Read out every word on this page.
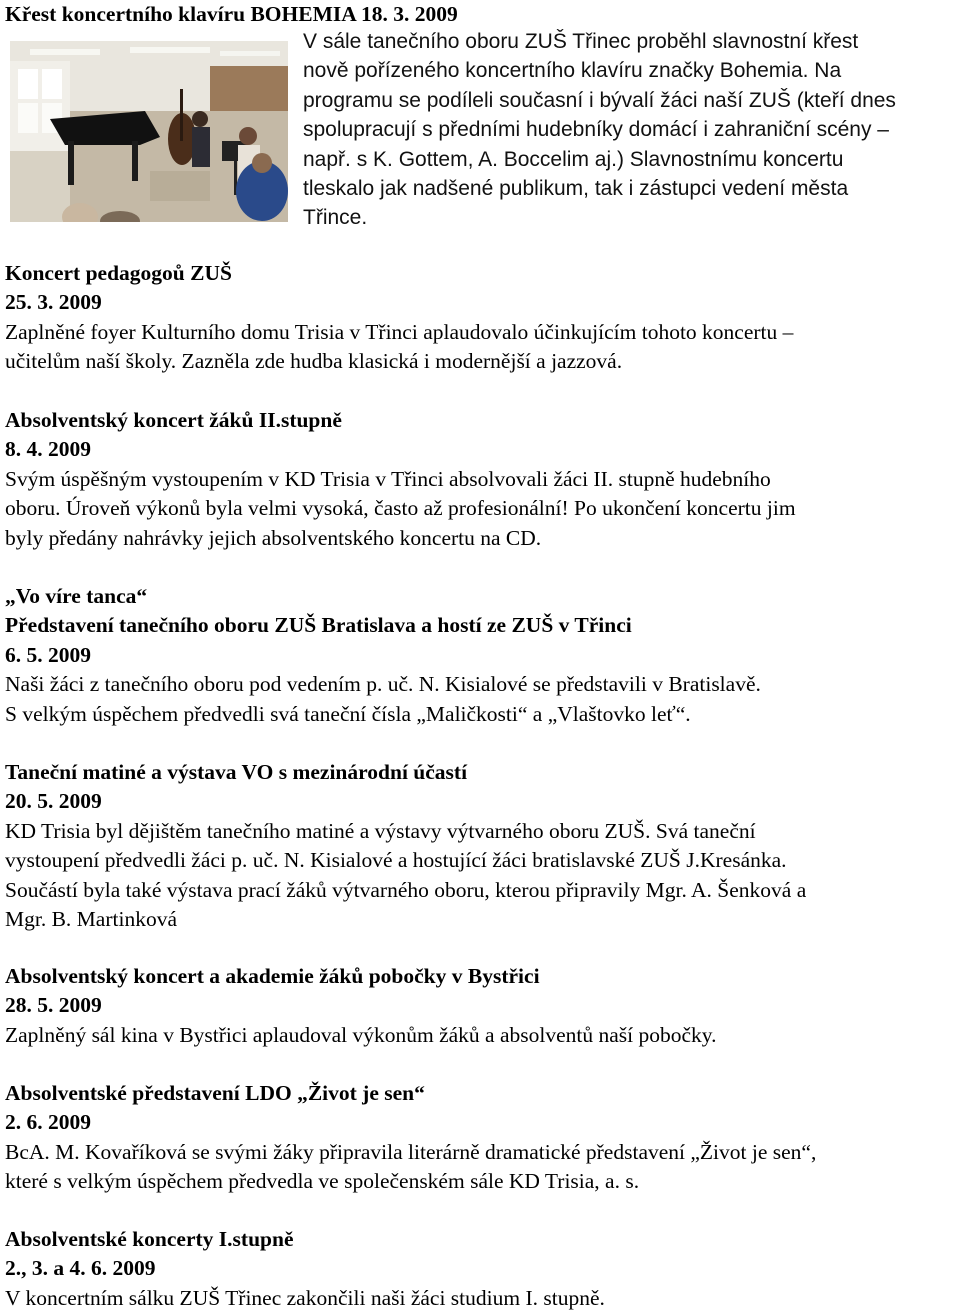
Křest koncertního klavíru BOHEMIA 18. 3. 2009
V sále tanečního oboru ZUŠ Třinec proběhl slavnostní křest
nově pořízeného koncertního klavíru značky Bohemia. Na
programu se podíleli současní i bývalí žáci naší ZUŠ (kteří dnes
spolupracují s předními hudebníky domácí i zahraniční scény –
např. s K. Gottem, A. Boccelim aj.) Slavnostnímu koncertu
tleskalo jak nadšené publikum, tak i zástupci vedení města
Třince.
Koncert pedagogoů ZUŠ
25. 3. 2009
Zaplněné foyer Kulturního domu Trisia v Třinci aplaudovalo účinkujícím tohoto koncertu –
učitelům naší školy. Zazněla zde hudba klasická i modernější a jazzová.
Absolventský koncert žáků II.stupně
8. 4. 2009
Svým úspěšným vystoupením v KD Trisia v Třinci absolvovali žáci II. stupně hudebního
oboru. Úroveň výkonů byla velmi vysoká, často až profesionální! Po ukončení koncertu jim
byly předány nahrávky jejich absolventského koncertu na CD.
„Vo víre tanca“
Představení tanečního oboru ZUŠ Bratislava a hostí ze ZUŠ v Třinci
6. 5. 2009
Naši žáci z tanečního oboru pod vedením p. uč. N. Kisialové se představili v Bratislavě.
S velkým úspěchem předvedli svá taneční čísla „Maličkosti“ a „Vlaštovko leť“.
Taneční matiné a výstava VO s mezinárodní účastí
20. 5. 2009
KD Trisia byl dějištěm tanečního matiné a výstavy výtvarného oboru ZUŠ. Svá taneční
vystoupení předvedli žáci p. uč. N. Kisialové a hostující žáci bratislavské ZUŠ J.Kresánka.
Součástí byla také výstava prací žáků výtvarného oboru, kterou připravily Mgr. A. Šenková a
Mgr. B. Martinková
Absolventský koncert a akademie žáků pobočky v Bystřici
28. 5. 2009
Zaplněný sál kina v Bystřici aplaudoval výkonům žáků a absolventů naší pobočky.
Absolventské představení LDO „Život je sen“
2. 6. 2009
BcA. M. Kovaříková se svými žáky připravila literárně dramatické představení „Život je sen“,
které s velkým úspěchem předvedla ve společenském sále KD Trisia, a. s.
Absolventské koncerty I.stupně
2., 3. a 4. 6. 2009
V koncertním sálku ZUŠ Třinec zakončili naši žáci studium I. stupně.
